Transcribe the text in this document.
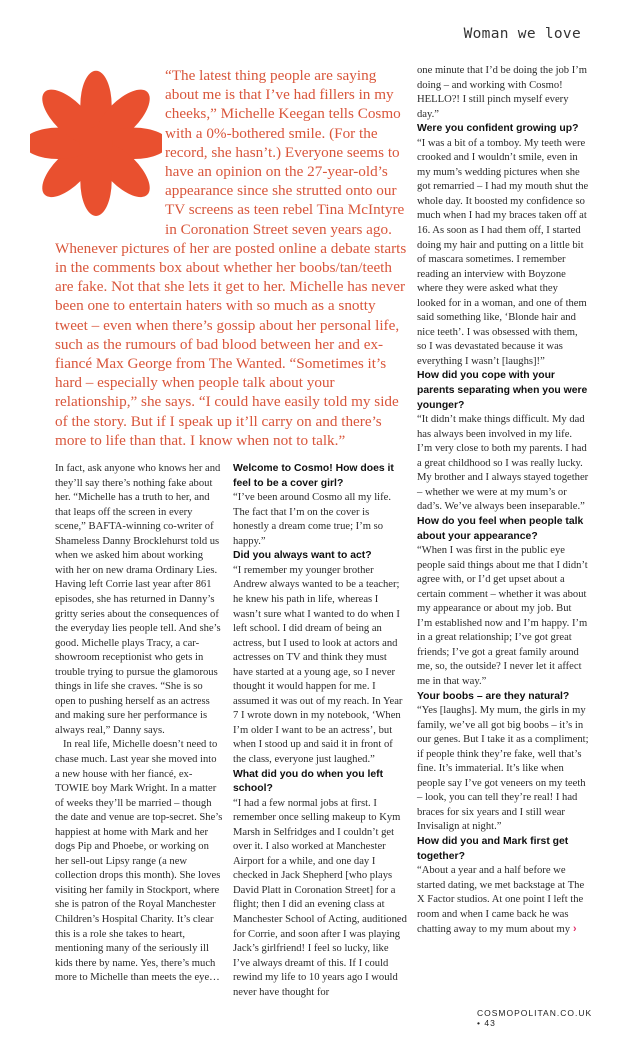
Woman we love
“The latest thing people are saying about me is that I’ve had fillers in my cheeks,” Michelle Keegan tells Cosmo with a 0%-bothered smile. (For the record, she hasn’t.) Everyone seems to have an opinion on the 27-year-old’s appearance since she strutted onto our TV screens as teen rebel Tina McIntyre in Coronation Street seven years ago. Whenever pictures of her are posted online a debate starts in the comments box about whether her boobs/tan/teeth are fake. Not that she lets it get to her. Michelle has never been one to entertain haters with so much as a snotty tweet – even when there’s gossip about her personal life, such as the rumours of bad blood between her and ex-fiancé Max George from The Wanted. “Sometimes it’s hard – especially when people talk about your relationship,” she says. “I could have easily told my side of the story. But if I speak up it’ll carry on and there’s more to life than that. I know when not to talk.”

In fact, ask anyone who knows her and they’ll say there’s nothing fake about her. “Michelle has a truth to her, and that leaps off the screen in every scene,” BAFTA-winning co-writer of Shameless Danny Brocklehurst told us when we asked him about working with her on new drama Ordinary Lies. Having left Corrie last year after 861 episodes, she has returned in Danny’s gritty series about the consequences of the everyday lies people tell. And she’s good. Michelle plays Tracy, a car-showroom receptionist who gets in trouble trying to pursue the glamorous things in life she craves. “She is so open to pushing herself as an actress and making sure her performance is always real,” Danny says.

In real life, Michelle doesn’t need to chase much. Last year she moved into a new house with her fiancé, ex-TOWIE boy Mark Wright. In a matter of weeks they’ll be married – though the date and venue are top-secret. She’s happiest at home with Mark and her dogs Pip and Phoebe, or working on her sell-out Lipsy range (a new collection drops this month). She loves visiting her family in Stockport, where she is patron of the Royal Manchester Children’s Hospital Charity. It’s clear this is a role she takes to heart, mentioning many of the seriously ill kids there by name. Yes, there’s much more to Michelle than meets the eye…

Welcome to Cosmo! How does it feel to be a cover girl?

“I’ve been around Cosmo all my life. The fact that I’m on the cover is honestly a dream come true; I’m so happy.”

Did you always want to act?

“I remember my younger brother Andrew always wanted to be a teacher; he knew his path in life, whereas I wasn’t sure what I wanted to do when I left school. I did dream of being an actress, but I used to look at actors and actresses on TV and think they must have started at a young age, so I never thought it would happen for me. I assumed it was out of my reach. In Year 7 I wrote down in my notebook, ‘When I’m older I want to be an actress’, but when I stood up and said it in front of the class, everyone just laughed.”

What did you do when you left school?

“I had a few normal jobs at first. I remember once selling makeup to Kym Marsh in Selfridges and I couldn’t get over it. I also worked at Manchester Airport for a while, and one day I checked in Jack Shepherd [who plays David Platt in Coronation Street] for a flight; then I did an evening class at Manchester School of Acting, auditioned for Corrie, and soon after I was playing Jack’s girlfriend! I feel so lucky, like I’ve always dreamt of this. If I could rewind my life to 10 years ago I would never have thought for

one minute that I’d be doing the job I’m doing – and working with Cosmo! HELLO?! I still pinch myself every day.”

Were you confident growing up?

“I was a bit of a tomboy. My teeth were crooked and I wouldn’t smile, even in my mum’s wedding pictures when she got remarried – I had my mouth shut the whole day. It boosted my confidence so much when I had my braces taken off at 16. As soon as I had them off, I started doing my hair and putting on a little bit of mascara sometimes. I remember reading an interview with Boyzone where they were asked what they looked for in a woman, and one of them said something like, ‘Blonde hair and nice teeth’. I was obsessed with them, so I was devastated because it was everything I wasn’t [laughs]!”

How did you cope with your parents separating when you were younger?

“It didn’t make things difficult. My dad has always been involved in my life. I’m very close to both my parents. I had a great childhood so I was really lucky. My brother and I always stayed together – whether we were at my mum’s or dad’s. We’ve always been inseparable.”

How do you feel when people talk about your appearance?

“When I was first in the public eye people said things about me that I didn’t agree with, or I’d get upset about a certain comment – whether it was about my appearance or about my job. But I’m established now and I’m happy. I’m in a great relationship; I’ve got great friends; I’ve got a great family around me, so, the outside? I never let it affect me in that way.”

Your boobs – are they natural?

“Yes [laughs]. My mum, the girls in my family, we’ve all got big boobs – it’s in our genes. But I take it as a compliment; if people think they’re fake, well that’s fine. It’s immaterial. It’s like when people say I’ve got veneers on my teeth – look, you can tell they’re real! I had braces for six years and I still wear Invisalign at night.”

How did you and Mark first get together?

“About a year and a half before we started dating, we met backstage at The X Factor studios. At one point I left the room and when I came back he was chatting away to my mum about my ›

COSMOPOLITAN.CO.UK • 43
